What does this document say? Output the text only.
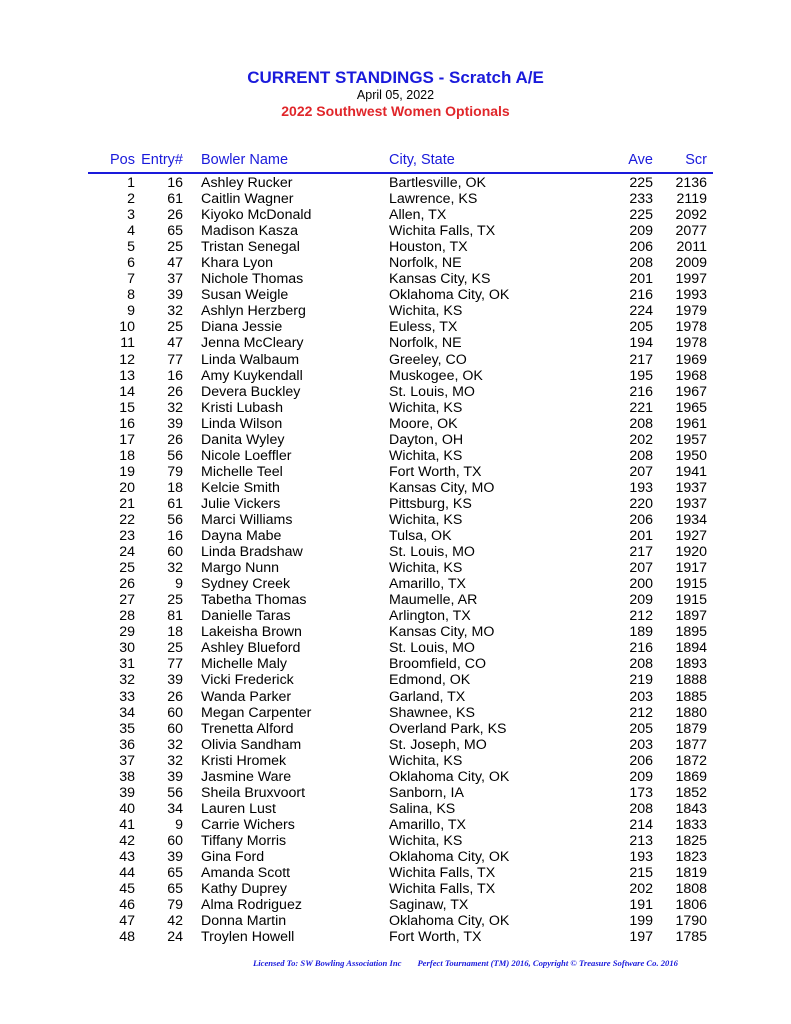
CURRENT STANDINGS - Scratch A/E
April 05, 2022
2022 Southwest Women Optionals
Pos Entry# Bowler Name	City, State	Ave Scr
1 16 Ashley Rucker	Bartlesville, OK	225 2136
2 61 Caitlin Wagner	Lawrence, KS	233 2119
3 26 Kiyoko McDonald	Allen, TX	225 2092
4 65 Madison Kasza	Wichita Falls, TX	209 2077
5 25 Tristan Senegal	Houston, TX	206 2011
6 47 Khara Lyon	Norfolk, NE	208 2009
7 37 Nichole Thomas	Kansas City, KS	201 1997
8 39 Susan Weigle	Oklahoma City, OK	216 1993
9 32 Ashlyn Herzberg	Wichita, KS	224 1979
10 25 Diana Jessie	Euless, TX	205 1978
11 47 Jenna McCleary	Norfolk, NE	194 1978
12 77 Linda Walbaum	Greeley, CO	217 1969
13 16 Amy Kuykendall	Muskogee, OK	195 1968
14 26 Devera Buckley	St. Louis, MO	216 1967
15 32 Kristi Lubash	Wichita, KS	221 1965
16 39 Linda Wilson	Moore, OK	208 1961
17 26 Danita Wyley	Dayton, OH	202 1957
18 56 Nicole Loeffler	Wichita, KS	208 1950
19 79 Michelle Teel	Fort Worth, TX	207 1941
20 18 Kelcie Smith	Kansas City, MO	193 1937
21 61 Julie Vickers	Pittsburg, KS	220 1937
22 56 Marci Williams	Wichita, KS	206 1934
23 16 Dayna Mabe	Tulsa, OK	201 1927
24 60 Linda Bradshaw	St. Louis, MO	217 1920
25 32 Margo Nunn	Wichita, KS	207 1917
26	9 Sydney Creek	Amarillo, TX	200 1915
27 25 Tabetha Thomas	Maumelle, AR	209 1915
28 81 Danielle Taras	Arlington, TX	212 1897
29 18 Lakeisha Brown	Kansas City, MO	189 1895
30 25 Ashley Blueford	St. Louis, MO	216 1894
31 77 Michelle Maly	Broomfield, CO	208 1893
32 39 Vicki Frederick	Edmond, OK	219 1888
33 26 Wanda Parker	Garland, TX	203 1885
34 60 Megan Carpenter	Shawnee, KS	212 1880
35 60 Trenetta Alford	Overland Park, KS	205 1879
36 32 Olivia Sandham	St. Joseph, MO	203 1877
37 32 Kristi Hromek	Wichita, KS	206 1872
38 39 Jasmine Ware	Oklahoma City, OK	209 1869
39 56 Sheila Bruxvoort	Sanborn, IA	173 1852
40 34 Lauren Lust	Salina, KS	208 1843
41	9 Carrie Wichers	Amarillo, TX	214 1833
42 60 Tiffany Morris	Wichita, KS	213 1825
43 39 Gina Ford	Oklahoma City, OK	193 1823
44 65 Amanda Scott	Wichita Falls, TX	215 1819
45 65 Kathy Duprey	Wichita Falls, TX	202 1808
46 79 Alma Rodriguez	Saginaw, TX	191 1806
47 42 Donna Martin	Oklahoma City, OK	199 1790
48 24 Troylen Howell	Fort Worth, TX	197 1785
Licensed To: SW Bowling Association Inc Perfect Tournament (TM) 2016, Copyright © Treasure Software Co. 2016
